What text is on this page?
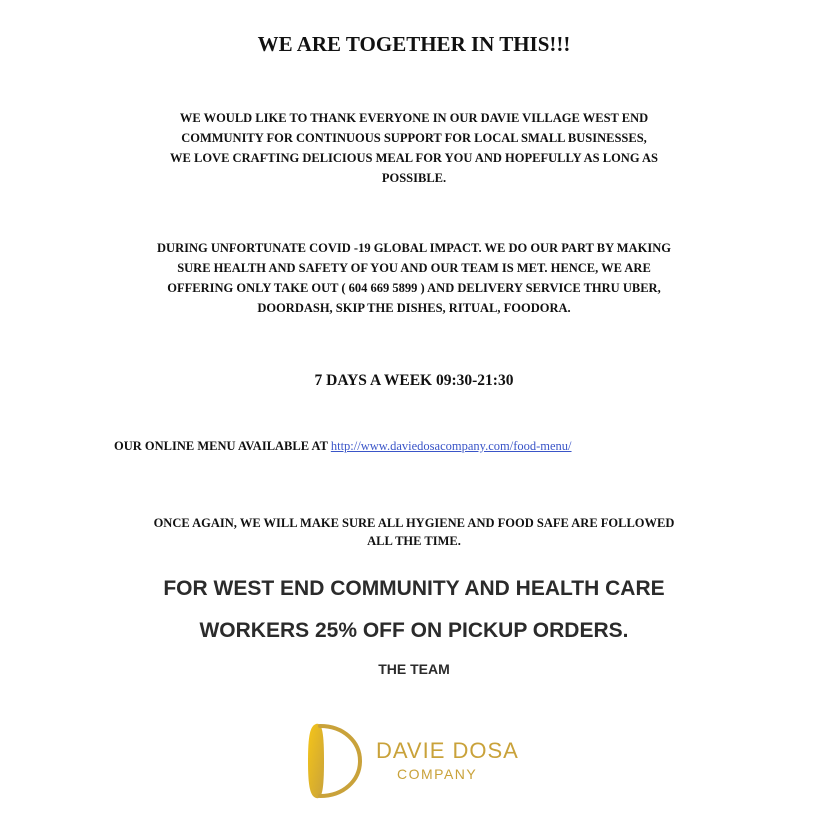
WE ARE TOGETHER IN THIS!!!
WE WOULD LIKE TO THANK EVERYONE IN OUR DAVIE VILLAGE WEST END
COMMUNITY FOR CONTINUOUS SUPPORT FOR LOCAL SMALL BUSINESSES,
WE LOVE CRAFTING DELICIOUS MEAL FOR YOU AND HOPEFULLY AS LONG AS
POSSIBLE.
DURING UNFORTUNATE COVID -19 GLOBAL IMPACT. WE DO OUR PART BY MAKING
SURE HEALTH AND SAFETY OF YOU AND OUR TEAM IS MET. HENCE, WE ARE
OFFERING ONLY TAKE OUT ( 604 669 5899 ) AND DELIVERY SERVICE THRU UBER,
DOORDASH, SKIP THE DISHES, RITUAL, FOODORA.
7 DAYS A WEEK 09:30-21:30
OUR ONLINE MENU AVAILABLE AT http://www.daviedosacompany.com/food-menu/
ONCE AGAIN, WE WILL MAKE SURE ALL HYGIENE AND FOOD SAFE ARE FOLLOWED
ALL THE TIME.
FOR WEST END COMMUNITY AND HEALTH CARE
WORKERS 25% OFF ON PICKUP ORDERS.
THE TEAM
DAVIE DOSA
COMPANY
